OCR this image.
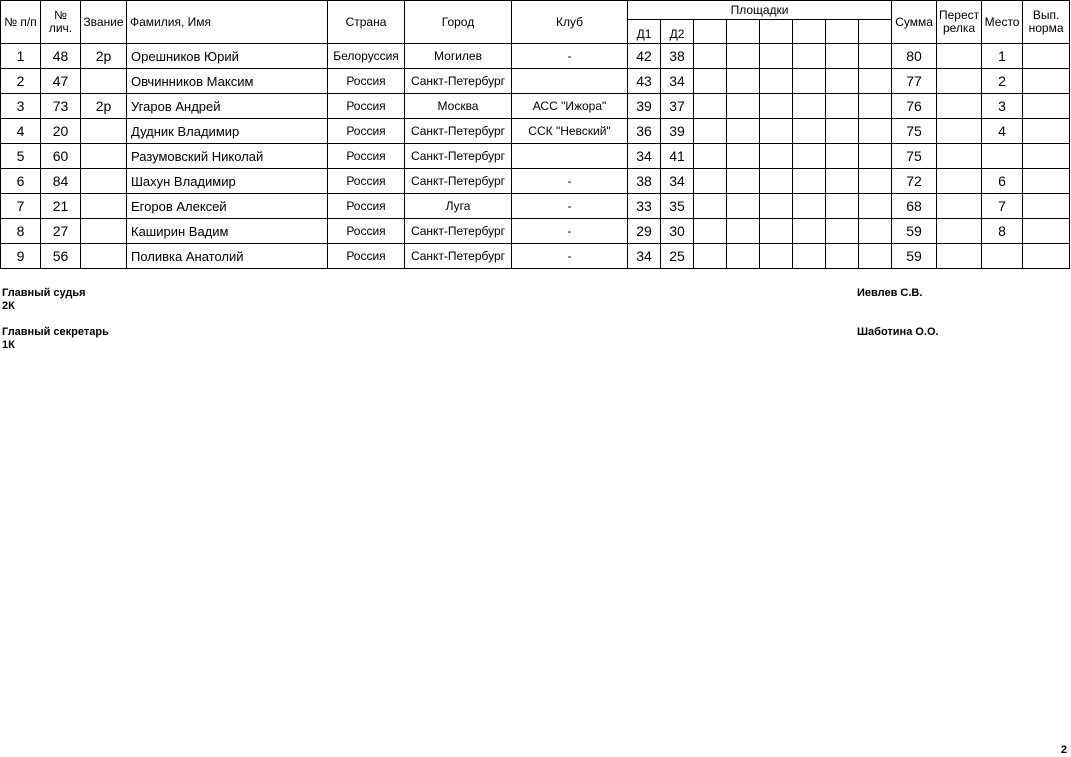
№ п/п	№ лич.	Звание	Фамилия, Имя	Страна	Город	Клуб	Площадки								Сумма	Перест релка	Место	Вып. норма
							Д1	Д2										
1	48	2р	Орешников Юрий	Белоруссия	Могилев	-	42	38							80		1	
2	47		Овчинников Максим	Россия	Санкт-Петербург		43	34							77		2	
3	73	2р	Угаров Андрей	Россия	Москва	АСС "Ижора"	39	37							76		3	
4	20		Дудник Владимир	Россия	Санкт-Петербург	ССК "Невский"	36	39							75		4	
5	60		Разумовский Николай	Россия	Санкт-Петербург		34	41							75			
6	84		Шахун Владимир	Россия	Санкт-Петербург	-	38	34							72		6	
7	21		Егоров Алексей	Россия	Луга	-	33	35							68		7	
8	27		Каширин Вадим	Россия	Санкт-Петербург	-	29	30							59		8	
9	56		Поливка Анатолий	Россия	Санкт-Петербург	-	34	25							59			
Главный судья
2К
Иевлев С.В.
Главный секретарь
1К
Шаботина О.О.
2
